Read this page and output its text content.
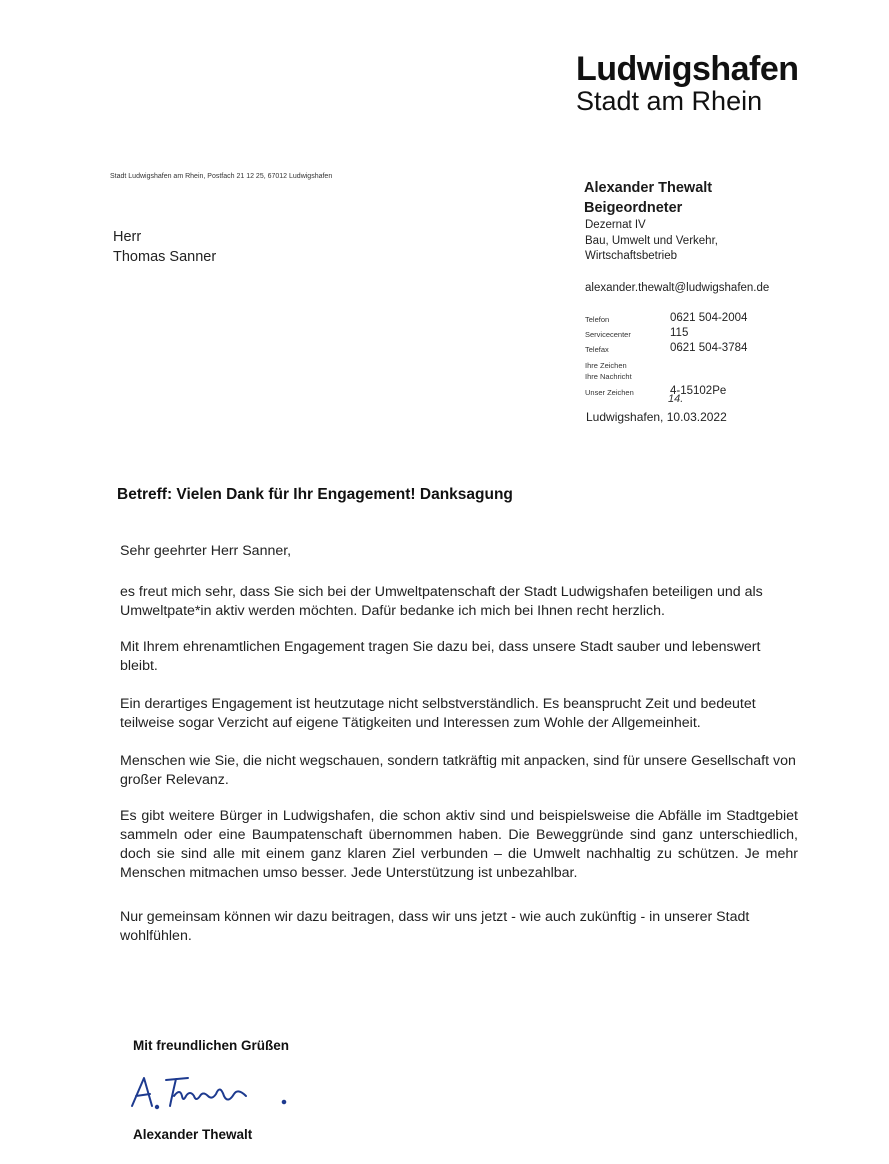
Ludwigshafen
Stadt am Rhein
Stadt Ludwigshafen am Rhein, Postfach 21 12 25, 67012 Ludwigshafen
Herr
Thomas Sanner
Alexander Thewalt
Beigeordneter
Dezernat IV
Bau, Umwelt und Verkehr,
Wirtschaftsbetrieb
alexander.thewalt@ludwigshafen.de
Telefon	0621 504-2004
Servicecenter	115
Telefax	0621 504-3784
Ihre Zeichen
Ihre Nachricht
Unser Zeichen	4-15102Pe
14.
Ludwigshafen, 10.03.2022
Betreff: Vielen Dank für Ihr Engagement! Danksagung
Sehr geehrter Herr Sanner,
es freut mich sehr, dass Sie sich bei der Umweltpatenschaft der Stadt Ludwigshafen beteiligen und als Umweltpate*in aktiv werden möchten. Dafür bedanke ich mich bei Ihnen recht herzlich.
Mit Ihrem ehrenamtlichen Engagement tragen Sie dazu bei, dass unsere Stadt sauber und lebenswert bleibt.
Ein derartiges Engagement ist heutzutage nicht selbstverständlich. Es beansprucht Zeit und bedeutet teilweise sogar Verzicht auf eigene Tätigkeiten und Interessen zum Wohle der Allgemeinheit.
Menschen wie Sie, die nicht wegschauen, sondern tatkräftig mit anpacken, sind für unsere Gesellschaft von großer Relevanz.
Es gibt weitere Bürger in Ludwigshafen, die schon aktiv sind und beispielsweise die Abfälle im Stadtgebiet sammeln oder eine Baumpatenschaft übernommen haben. Die Beweggründe sind ganz unterschiedlich, doch sie sind alle mit einem ganz klaren Ziel verbunden – die Umwelt nachhaltig zu schützen. Je mehr Menschen mitmachen umso besser. Jede Unterstützung ist unbezahlbar.
Nur gemeinsam können wir dazu beitragen, dass wir uns jetzt - wie auch zukünftig - in unserer Stadt wohlfühlen.
Mit freundlichen Grüßen
Alexander Thewalt
